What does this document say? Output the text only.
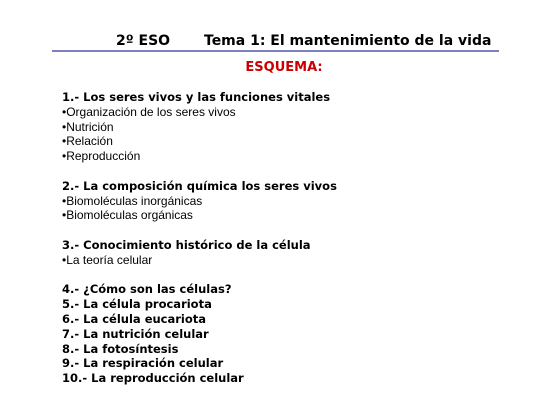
2º ESO Tema 1: El mantenimiento de la vida
ESQUEMA:
1.- Los seres vivos y las funciones vitales
•Organización de los seres vivos
•Nutrición
•Relación
•Reproducción
2.- La composición química los seres vivos
•Biomoléculas inorgánicas
•Biomoléculas orgánicas
3.- Conocimiento histórico de la célula
•La teoría celular
4.- ¿Cómo son las células?
5.- La célula procariota
6.- La célula eucariota
7.- La nutrición celular
8.- La fotosíntesis
9.- La respiración celular
10.- La reproducción celular
